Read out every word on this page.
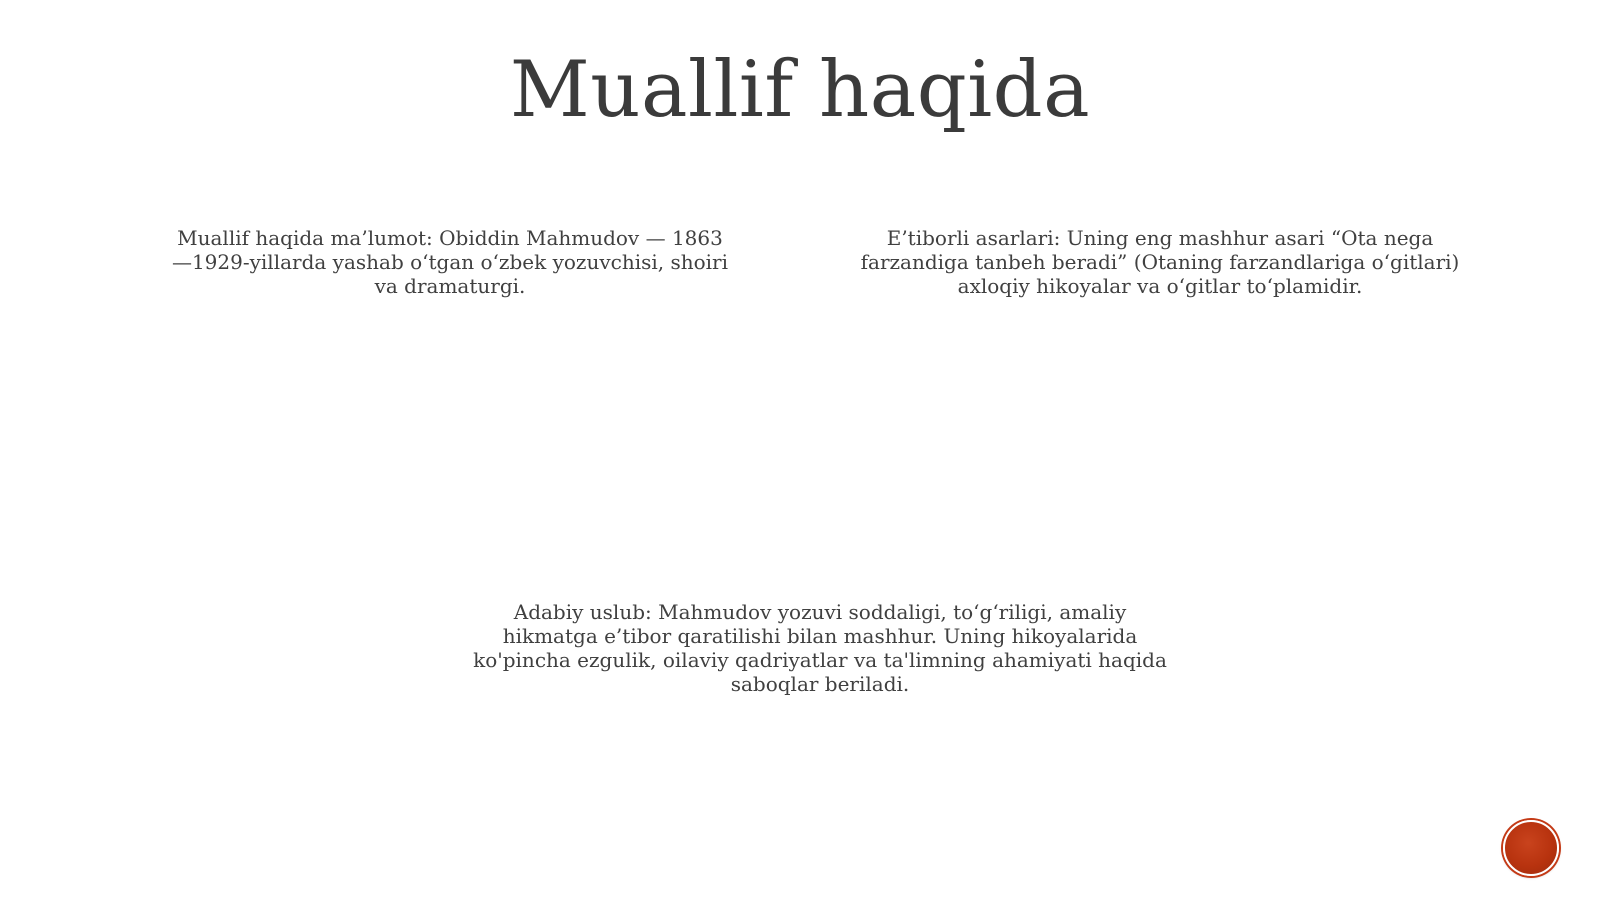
Muallif haqida

Muallif haqida ma’lumot: Obiddin Mahmudov — 1863—1929-yillarda yashab o‘tgan o‘zbek yozuvchisi, shoiri va dramaturgi.

E’tiborli asarlari: Uning eng mashhur asari “Ota nega farzandiga tanbeh beradi” (Otaning farzandlariga o‘gitlari) axloqiy hikoyalar va o‘gitlar to‘plamidir.

Adabiy uslub: Mahmudov yozuvi soddaligi, to‘g‘riligi, amaliy hikmatga e’tibor qaratilishi bilan mashhur. Uning hikoyalarida ko'pincha ezgulik, oilaviy qadriyatlar va ta'limning ahamiyati haqida saboqlar beriladi.
